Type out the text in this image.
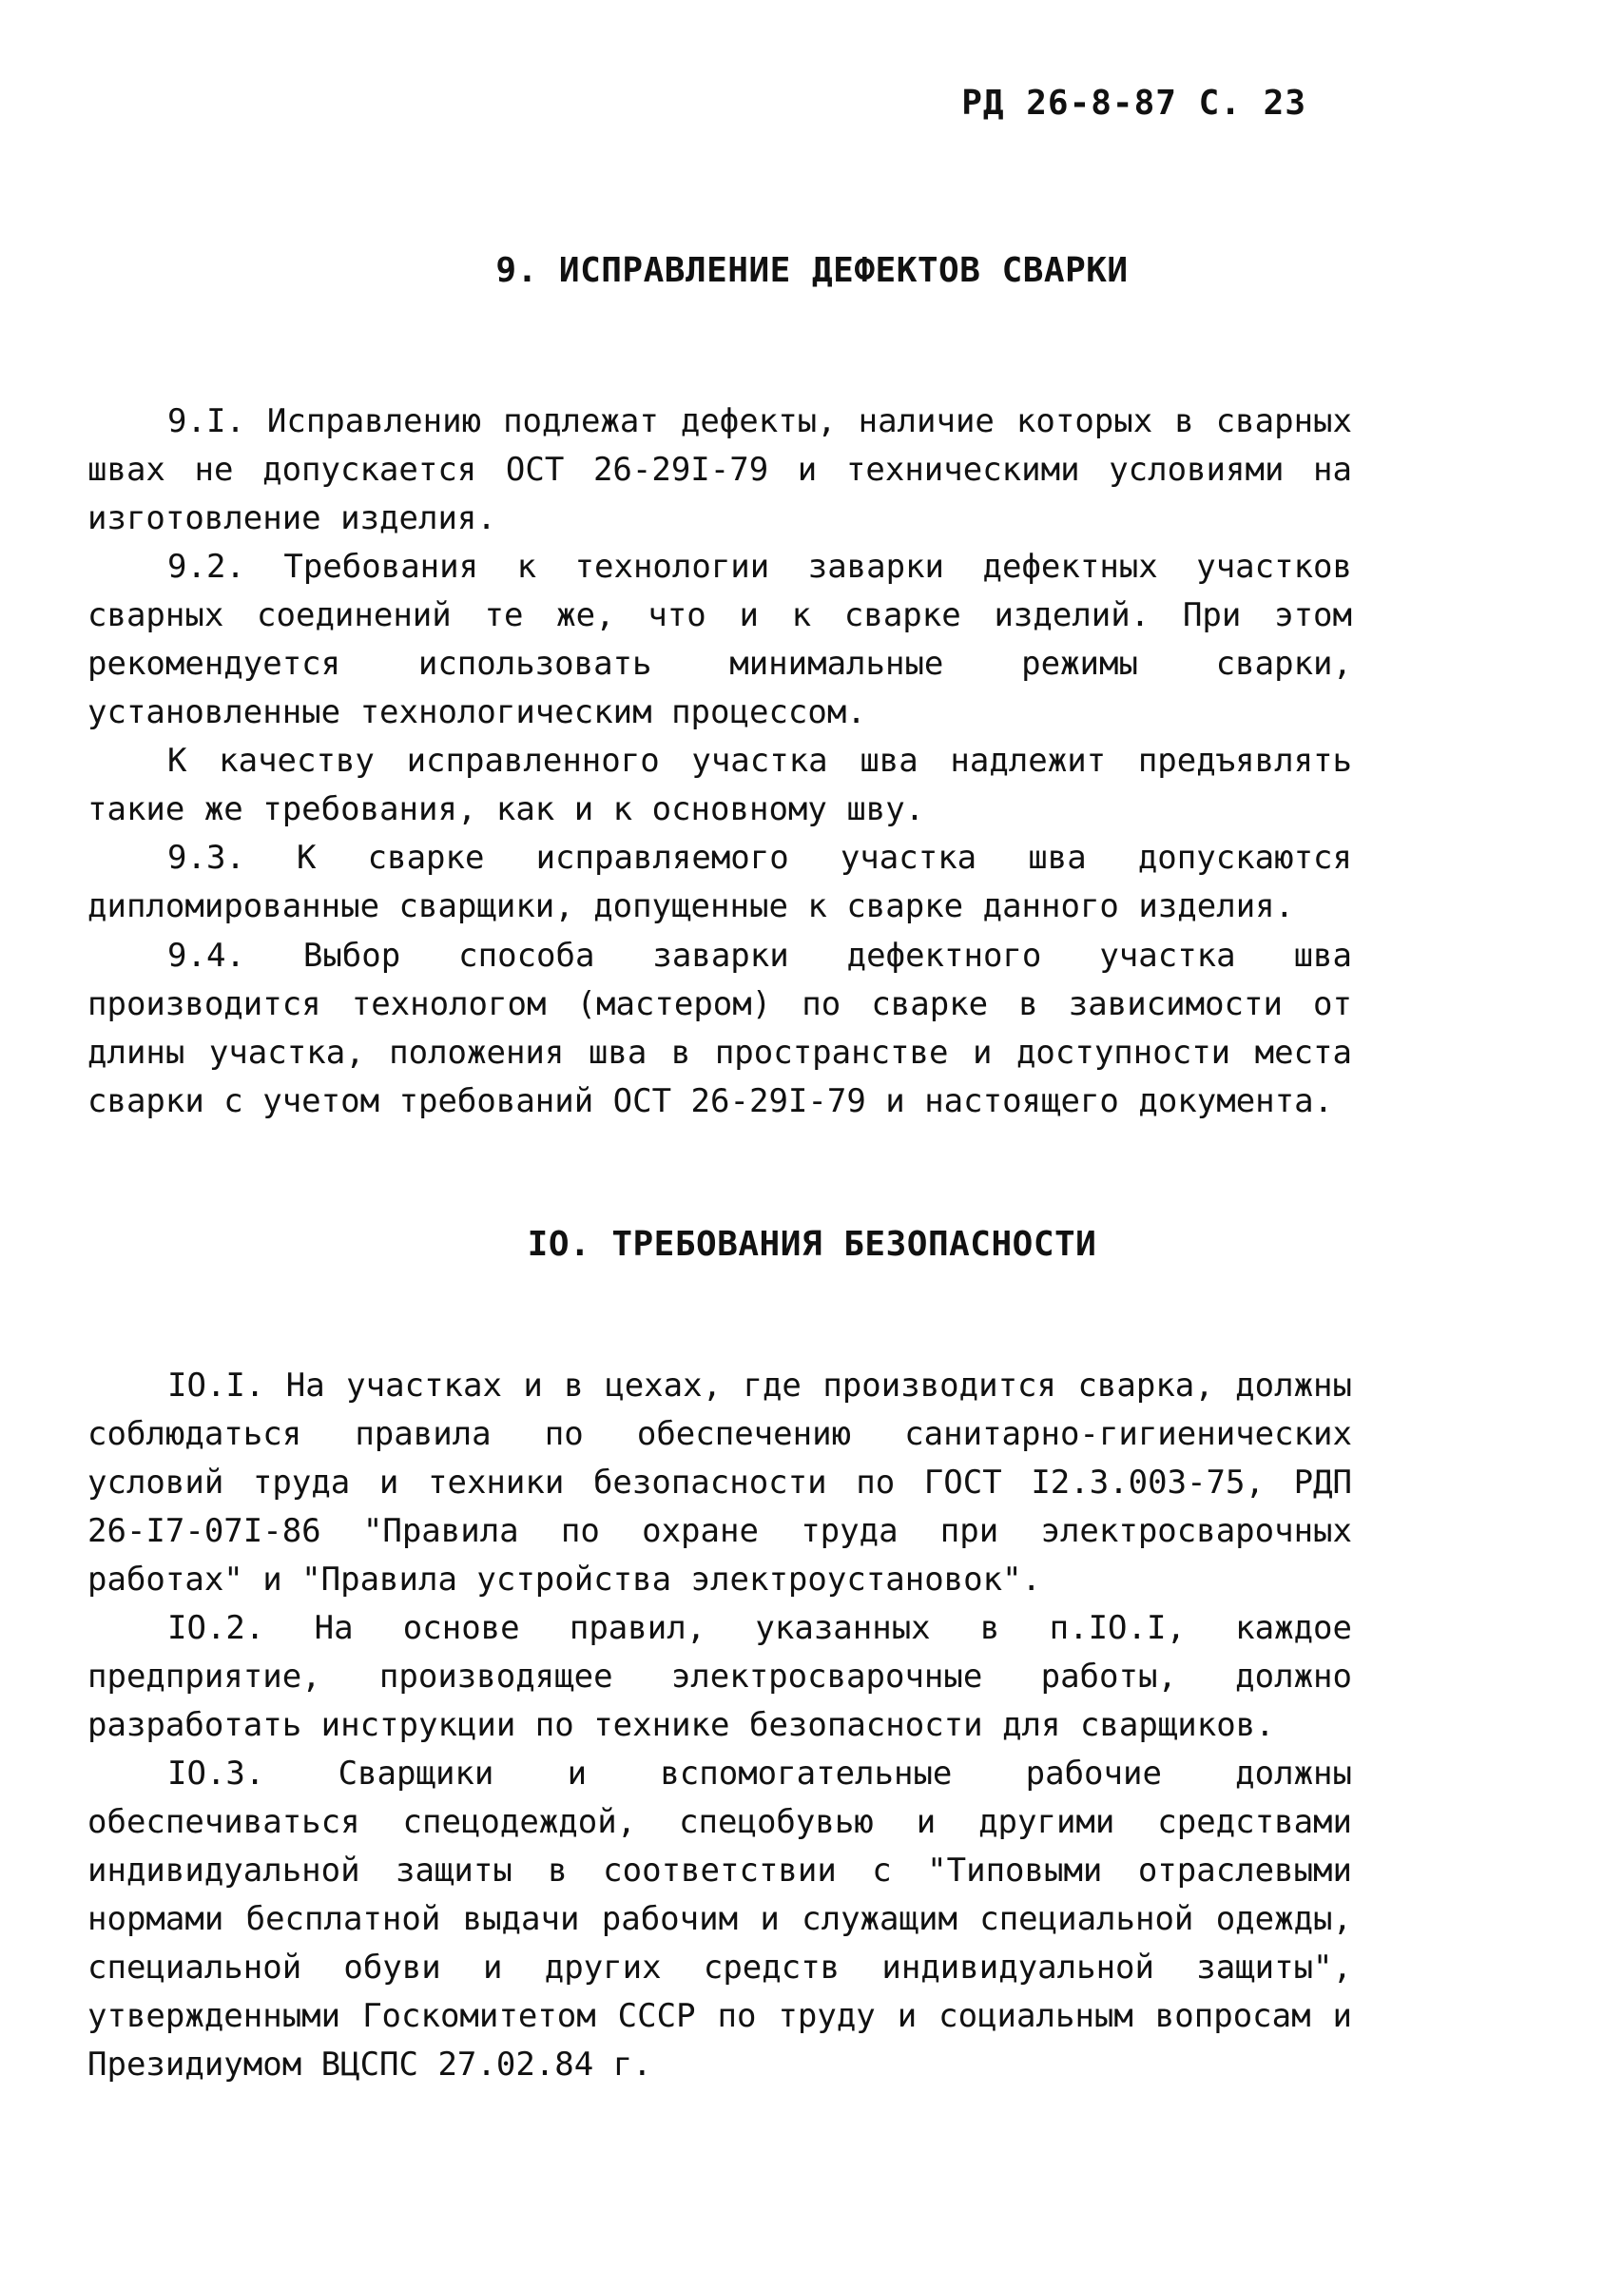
РД 26-8-87 С. 23
9. ИСПРАВЛЕНИЕ ДЕФЕКТОВ СВАРКИ

9.I. Исправлению подлежат дефекты, наличие которых в сварных швах не допускается ОСТ 26-29I-79 и техническими условиями на изготовление изделия.

9.2. Требования к технологии заварки дефектных участков сварных соединений те же, что и к сварке изделий. При этом рекомендуется использовать минимальные режимы сварки, установленные технологическим процессом.

К качеству исправленного участка шва надлежит предъявлять такие же требования, как и к основному шву.

9.3. К сварке исправляемого участка шва допускаются дипломированные сварщики, допущенные к сварке данного изделия.

9.4. Выбор способа заварки дефектного участка шва производится технологом (мастером) по сварке в зависимости от длины участка, положения шва в пространстве и доступности места сварки с учетом требований ОСТ 26-29I-79 и настоящего документа.

IO. ТРЕБОВАНИЯ БЕЗОПАСНОСТИ

IO.I. На участках и в цехах, где производится сварка, должны соблюдаться правила по обеспечению санитарно-гигиенических условий труда и техники безопасности по ГОСТ I2.3.003-75, РДП 26-I7-07I-86 "Правила по охране труда при электросварочных работах" и "Правила устройства электроустановок".

IO.2. На основе правил, указанных в п.IO.I, каждое предприятие, производящее электросварочные работы, должно разработать инструкции по технике безопасности для сварщиков.

IO.3. Сварщики и вспомогательные рабочие должны обеспечиваться спецодеждой, спецобувью и другими средствами индивидуальной защиты в соответствии с "Типовыми отраслевыми нормами бесплатной выдачи рабочим и служащим специальной одежды, специальной обуви и других средств индивидуальной защиты", утвержденными Госкомитетом СССР по труду и социальным вопросам и Президиумом ВЦСПС 27.02.84 г.
